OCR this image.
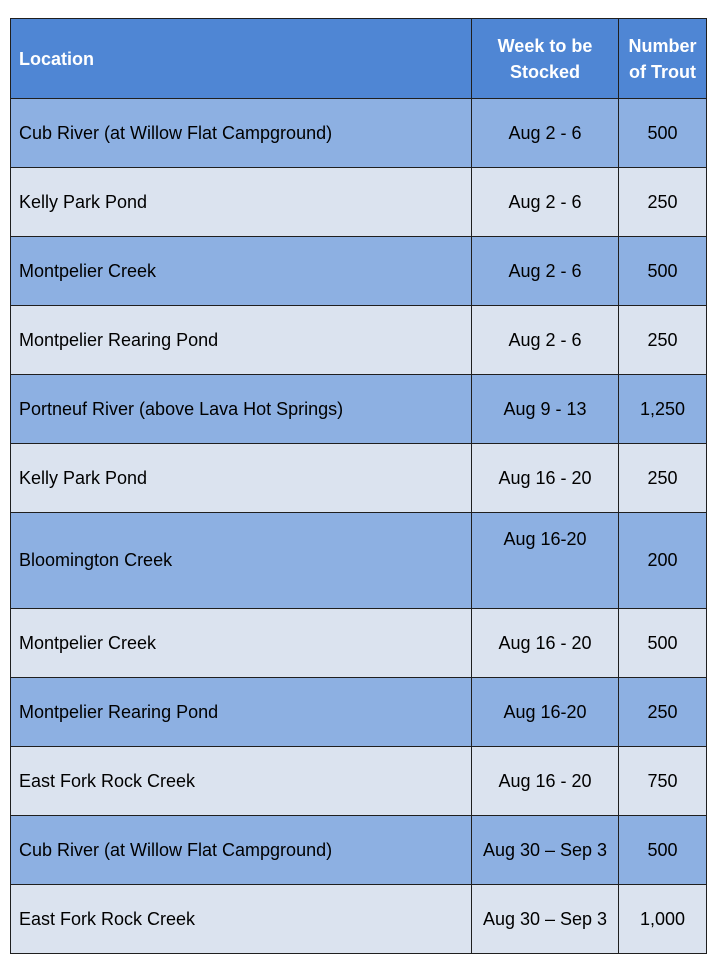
Location	Week to be Stocked	Number of Trout
Cub River (at Willow Flat Campground)	Aug 2 - 6	500
Kelly Park Pond	Aug 2 - 6	250
Montpelier Creek	Aug 2 - 6	500
Montpelier Rearing Pond	Aug 2 - 6	250
Portneuf River (above Lava Hot Springs)	Aug 9 - 13	1,250
Kelly Park Pond	Aug 16 - 20	250
Bloomington Creek	Aug 16-20	200
Montpelier Creek	Aug 16 - 20	500
Montpelier Rearing Pond	Aug 16-20	250
East Fork Rock Creek	Aug 16 - 20	750
Cub River (at Willow Flat Campground)	Aug 30 – Sep 3	500
East Fork Rock Creek	Aug 30 – Sep 3	1,000
